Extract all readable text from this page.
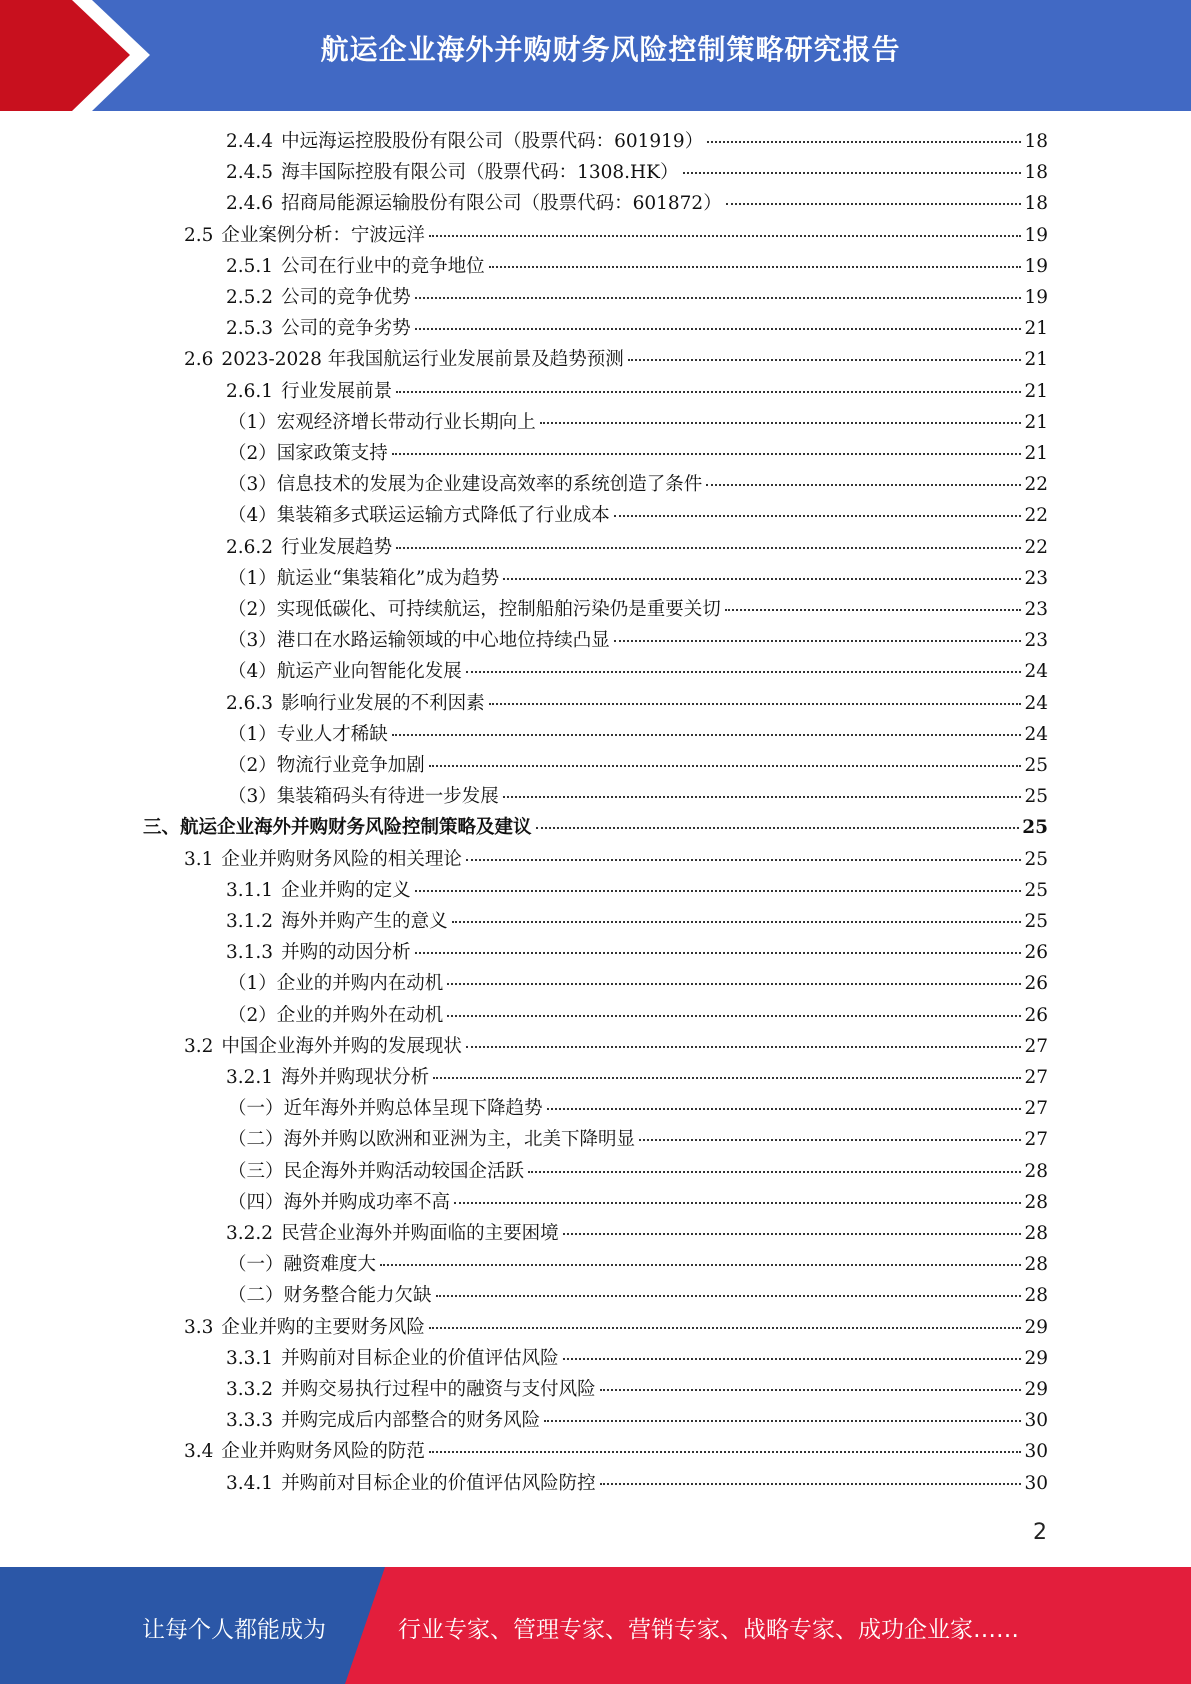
航运企业海外并购财务风险控制策略研究报告
2.4.4 中远海运控股股份有限公司（股票代码：601919）	18
2.4.5 海丰国际控股有限公司（股票代码：1308.HK）	18
2.4.6 招商局能源运输股份有限公司（股票代码：601872）	18
2.5 企业案例分析：宁波远洋	19
2.5.1 公司在行业中的竞争地位	19
2.5.2 公司的竞争优势	19
2.5.3 公司的竞争劣势	21
2.6 2023-2028 年我国航运行业发展前景及趋势预测	21
2.6.1 行业发展前景	21
（1）宏观经济增长带动行业长期向上	21
（2）国家政策支持	21
（3）信息技术的发展为企业建设高效率的系统创造了条件	22
（4）集装箱多式联运运输方式降低了行业成本	22
2.6.2 行业发展趋势	22
（1）航运业“集装箱化”成为趋势	23
（2）实现低碳化、可持续航运，控制船舶污染仍是重要关切	23
（3）港口在水路运输领域的中心地位持续凸显	23
（4）航运产业向智能化发展	24
2.6.3 影响行业发展的不利因素	24
（1）专业人才稀缺	24
（2）物流行业竞争加剧	25
（3）集装箱码头有待进一步发展	25
三、航运企业海外并购财务风险控制策略及建议	25
3.1 企业并购财务风险的相关理论	25
3.1.1 企业并购的定义	25
3.1.2 海外并购产生的意义	25
3.1.3 并购的动因分析	26
（1）企业的并购内在动机	26
（2）企业的并购外在动机	26
3.2 中国企业海外并购的发展现状	27
3.2.1 海外并购现状分析	27
（一）近年海外并购总体呈现下降趋势	27
（二）海外并购以欧洲和亚洲为主，北美下降明显	27
（三）民企海外并购活动较国企活跃	28
（四）海外并购成功率不高	28
3.2.2 民营企业海外并购面临的主要困境	28
（一）融资难度大	28
（二）财务整合能力欠缺	28
3.3 企业并购的主要财务风险	29
3.3.1 并购前对目标企业的价值评估风险	29
3.3.2 并购交易执行过程中的融资与支付风险	29
3.3.3 并购完成后内部整合的财务风险	30
3.4 企业并购财务风险的防范	30
3.4.1 并购前对目标企业的价值评估风险防控	30
2
让每个人都能成为	行业专家、管理专家、营销专家、战略专家、成功企业家……
